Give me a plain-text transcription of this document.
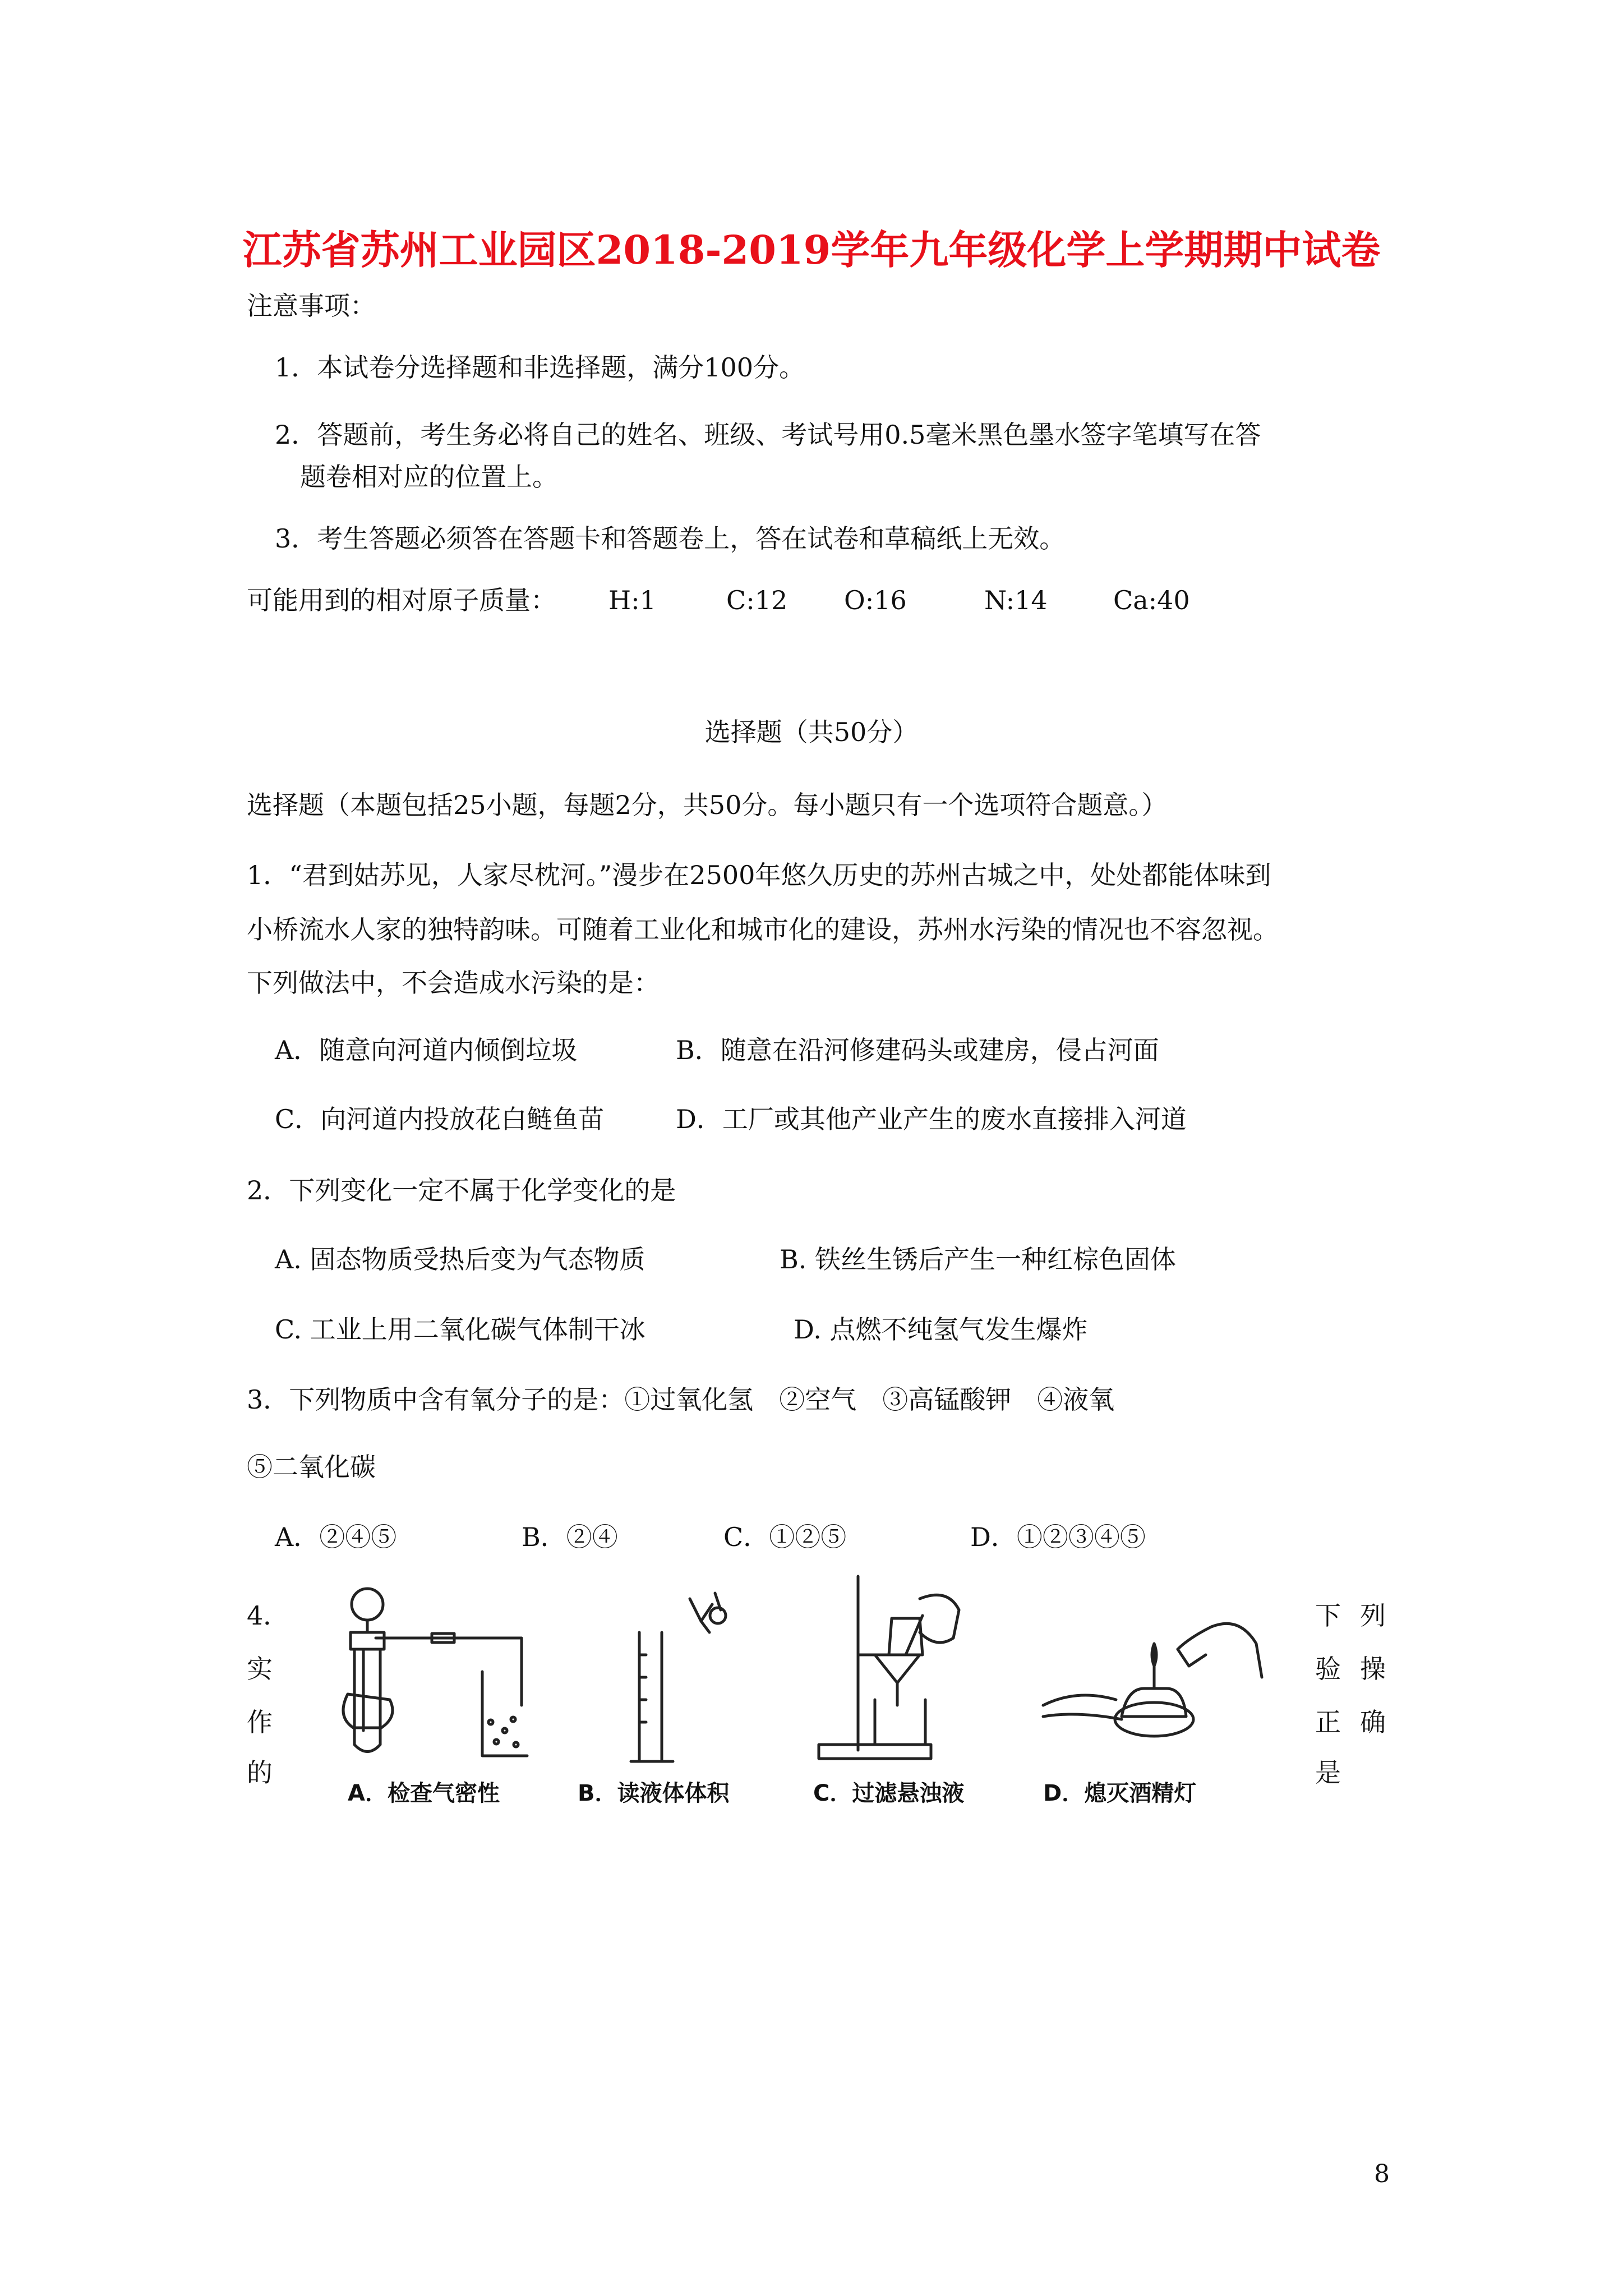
江苏省苏州工业园区2018-2019学年九年级化学上学期期中试卷
注意事项：
1．本试卷分选择题和非选择题，满分100分。
2．答题前，考生务必将自己的姓名、班级、考试号用0.5毫米黑色墨水签字笔填写在答
题卷相对应的位置上。
3．考生答题必须答在答题卡和答题卷上，答在试卷和草稿纸上无效。
可能用到的相对原子质量： H:1	C:12 O:16	N:14	Ca:40
选择题（共50分）
选择题（本题包括25小题，每题2分，共50分。每小题只有一个选项符合题意。）
1．“君到姑苏见，人家尽枕河。”漫步在2500年悠久历史的苏州古城之中，处处都能体味到
小桥流水人家的独特韵味。可随着工业化和城市化的建设，苏州水污染的情况也不容忽视。
下列做法中，不会造成水污染的是：
A．随意向河道内倾倒垃圾	B．随意在沿河修建码头或建房，侵占河面
C．向河道内投放花白鲢鱼苗	D．工厂或其他产业产生的废水直接排入河道
2．下列变化一定不属于化学变化的是
A. 固态物质受热后变为气态物质	B. 铁丝生锈后产生一种红棕色固体
C. 工业上用二氧化碳气体制干冰	D. 点燃不纯氢气发生爆炸
3．下列物质中含有氧分子的是：①过氧化氢　②空气　③高锰酸钾　④液氧
⑤二氧化碳
A．②④⑤	B．②④	C．①②⑤	D．①②③④⑤
4．
实
作
的
下 列
验 操
正 确
是
A．检查气密性	B．读液体体积	C．过滤悬浊液	D．熄灭酒精灯
8
